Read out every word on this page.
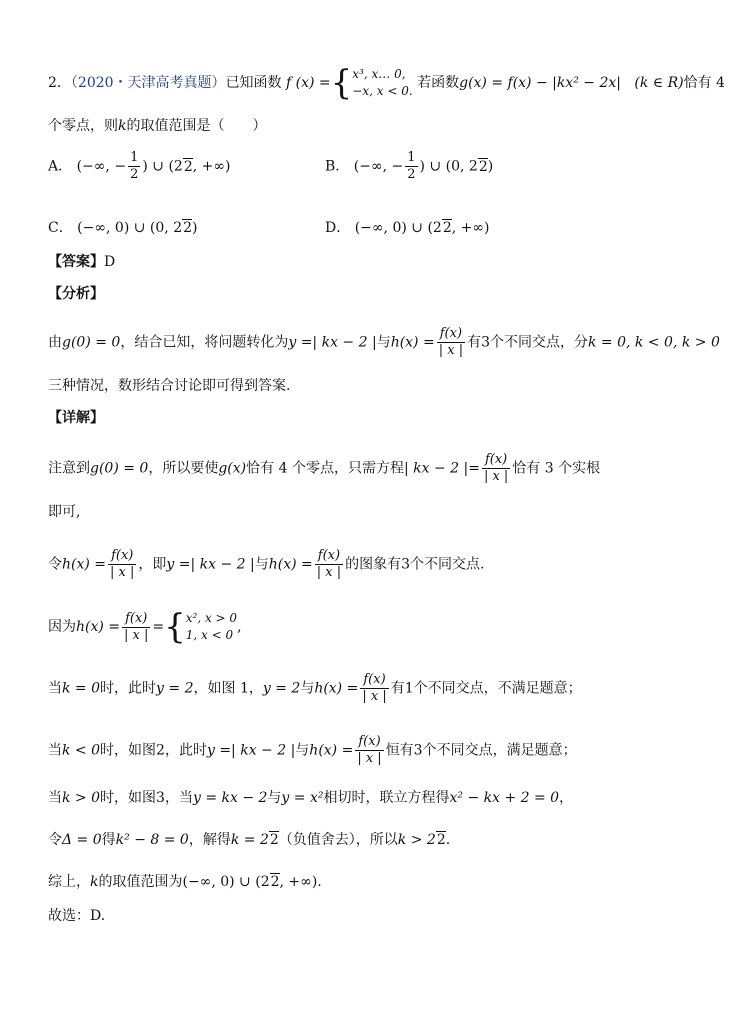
2．（2020・天津高考真题）已知函数 f (x) ={ x³, x… 0,
−x, x < 0. 若函数g(x) = f(x) − |kx² − 2x| (k ∈ R)恰有 4
个零点，则k的取值范围是（　　）
A． (−∞, − $\frac{1}{2}$ ) ∪ (22, +∞)	B． (−∞, − $\frac{1}{2}$ ) ∪ (0, 22)
C． (−∞, 0) ∪ (0, 22)	D． (−∞, 0) ∪ (22, +∞)
【答案】D
【分析】
由g(0) = 0，结合已知，将问题转化为y =| kx − 2 |与$h(x) = \frac{f(x)}{| x |}$ 有3个不同交点，分k = 0, k < 0, k > 0
三种情况，数形结合讨论即可得到答案.
【详解】
注意到g(0) = 0，所以要使g(x)恰有 4 个零点，只需方程| kx − 2 |= $\frac{f(x)}{| x |}$ 恰有 3 个实根
即可,
令$h(x) = \frac{f(x)}{| x |}$ ，即y =| kx − 2 |与$h(x) = \frac{f(x)}{| x |}$ 的图象有3个不同交点.
因为$h(x) = \frac{f(x)}{| x |}$ ={ x², x > 0
1, x < 0 ,
当k = 0时，此时y = 2，如图 1，y = 2与$h(x) = \frac{f(x)}{| x |}$ 有1个不同交点，不满足题意；
当k < 0时，如图2，此时y =| kx − 2 |与$h(x) = \frac{f(x)}{| x |}$ 恒有3个不同交点，满足题意；
当k > 0时，如图3，当y = kx − 2与y = x²相切时，联立方程得x² − kx + 2 = 0，
令Δ = 0得k² − 8 = 0，解得k = 22（负值舍去），所以k > 22.
综上，k的取值范围为(−∞, 0) ∪ (22, +∞).
故选：D.
